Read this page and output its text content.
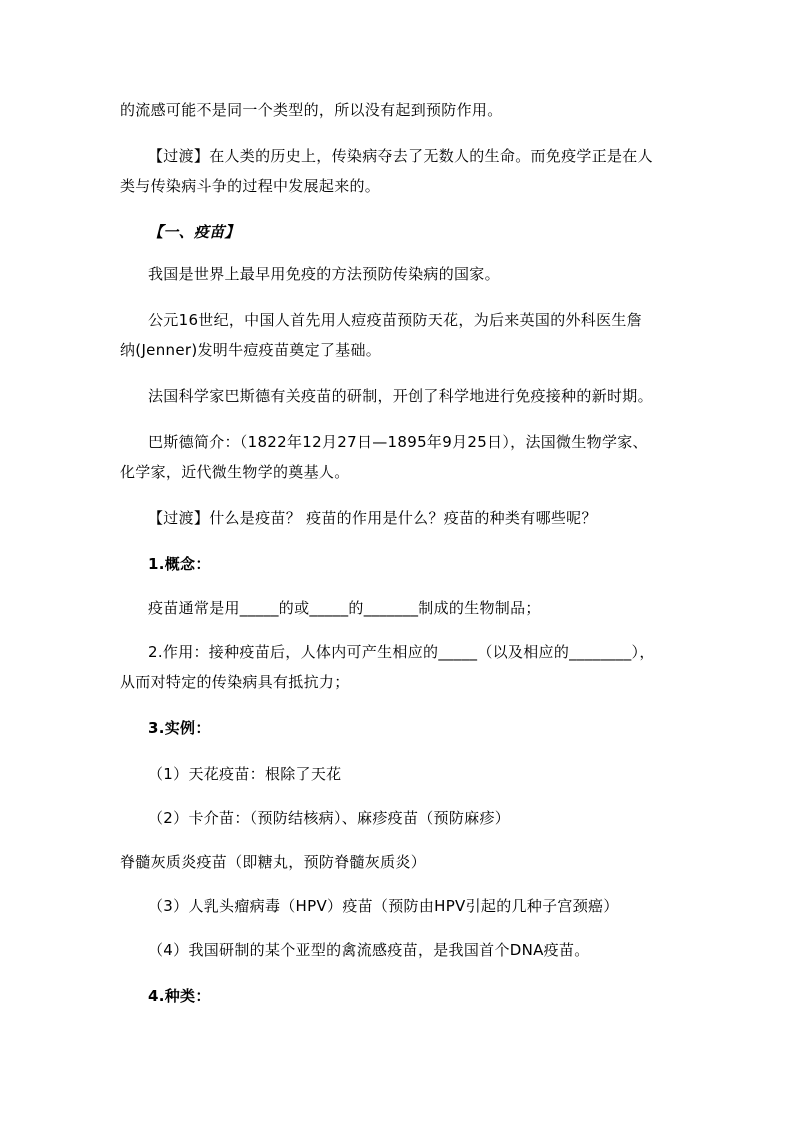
的流感可能不是同一个类型的，所以没有起到预防作用。
【过渡】在人类的历史上，传染病夺去了无数人的生命。而免疫学正是在人
类与传染病斗争的过程中发展起来的。
【一、疫苗】
我国是世界上最早用免疫的方法预防传染病的国家。
公元16世纪，中国人首先用人痘疫苗预防天花，为后来英国的外科医生詹
纳(Jenner)发明牛痘疫苗奠定了基础。
法国科学家巴斯德有关疫苗的研制，开创了科学地进行免疫接种的新时期。
巴斯德简介：（1822年12月27日—1895年9月25日），法国微生物学家、
化学家，近代微生物学的奠基人。
【过渡】什么是疫苗？ 疫苗的作用是什么？疫苗的种类有哪些呢？
1.概念：
疫苗通常是用_____的或_____的_______制成的生物制品；
2.作用：接种疫苗后，人体内可产生相应的_____（以及相应的________），
从而对特定的传染病具有抵抗力；
3.实例：
（1）天花疫苗：根除了天花
（2）卡介苗：（预防结核病）、麻疹疫苗（预防麻疹）
脊髓灰质炎疫苗（即糖丸，预防脊髓灰质炎）
（3）人乳头瘤病毒（HPV）疫苗（预防由HPV引起的几种子宫颈癌）
（4）我国研制的某个亚型的禽流感疫苗，是我国首个DNA疫苗。
4.种类：
